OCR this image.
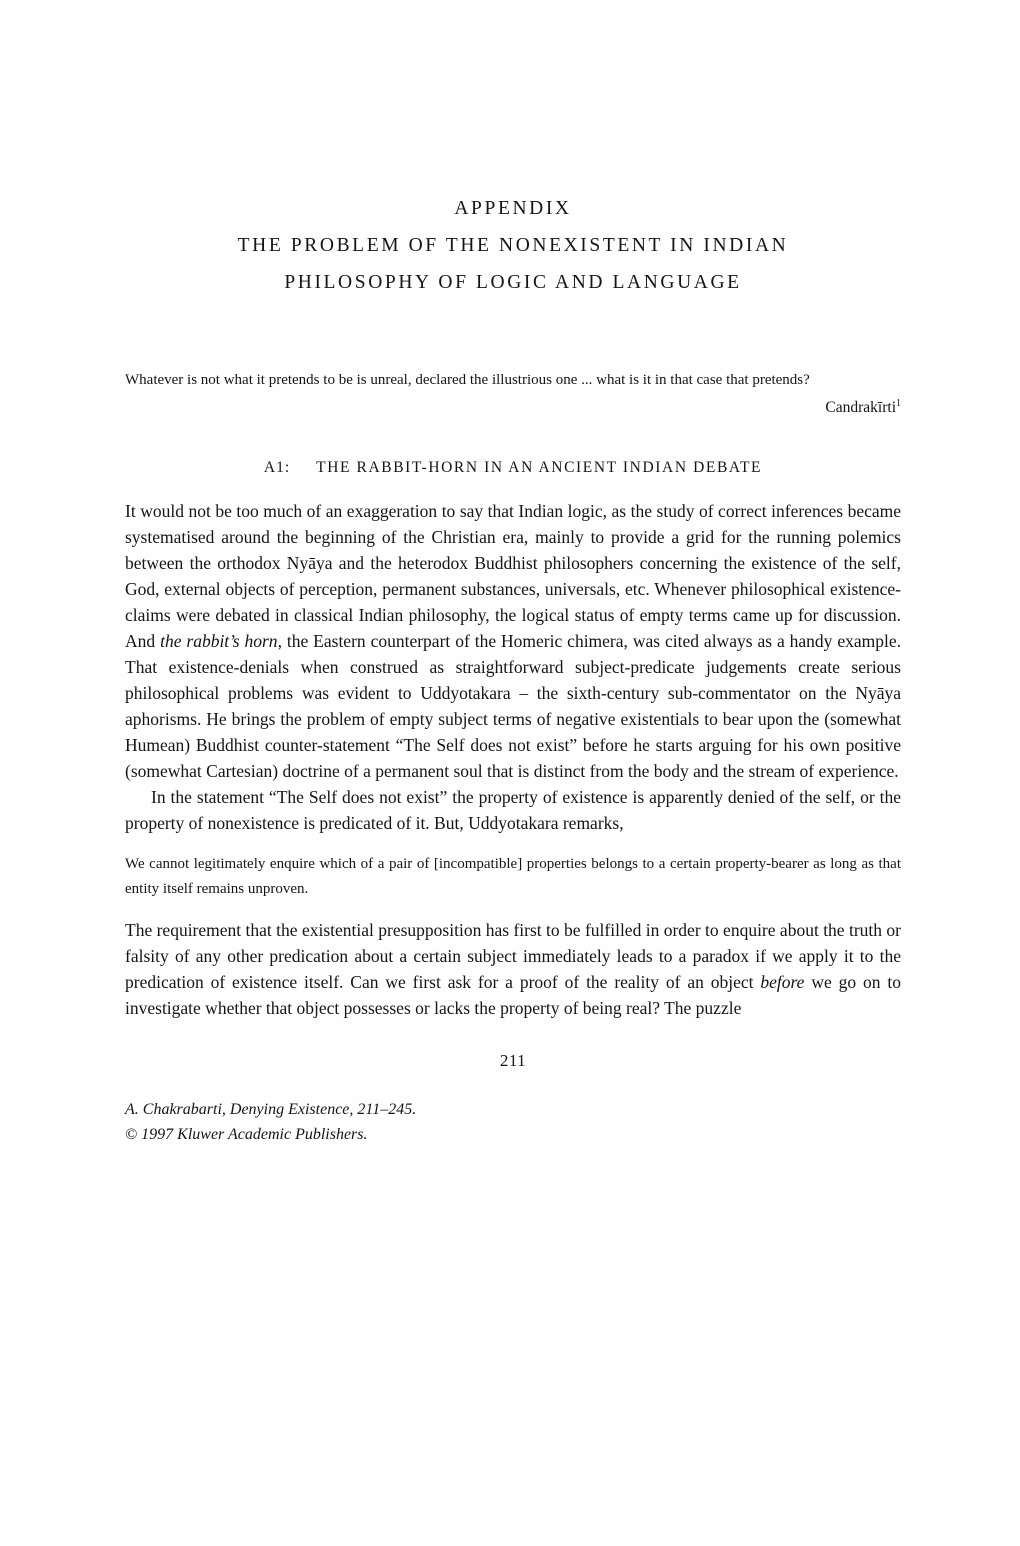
APPENDIX
THE PROBLEM OF THE NONEXISTENT IN INDIAN
PHILOSOPHY OF LOGIC AND LANGUAGE
Whatever is not what it pretends to be is unreal, declared the illustrious one ... what is it in that case that pretends?
Candrakīrti$^1$
A1: THE RABBIT-HORN IN AN ANCIENT INDIAN DEBATE

It would not be too much of an exaggeration to say that Indian logic, as the study of correct inferences became systematised around the beginning of the Christian era, mainly to provide a grid for the running polemics between the orthodox Nyāya and the heterodox Buddhist philosophers concerning the existence of the self, God, external objects of perception, permanent substances, universals, etc. Whenever philosophical existence-claims were debated in classical Indian philosophy, the logical status of empty terms came up for discussion. And the rabbit’s horn, the Eastern counterpart of the Homeric chimera, was cited always as a handy example. That existence-denials when construed as straightforward subject-predicate judgements create serious philosophical problems was evident to Uddyotakara – the sixth-century sub-commentator on the Nyāya aphorisms. He brings the problem of empty subject terms of negative existentials to bear upon the (somewhat Humean) Buddhist counter-statement “The Self does not exist” before he starts arguing for his own positive (somewhat Cartesian) doctrine of a permanent soul that is distinct from the body and the stream of experience.

In the statement “The Self does not exist” the property of existence is apparently denied of the self, or the property of nonexistence is predicated of it. But, Uddyotakara remarks,

We cannot legitimately enquire which of a pair of [incompatible] properties belongs to a certain property-bearer as long as that entity itself remains unproven.

The requirement that the existential presupposition has first to be fulfilled in order to enquire about the truth or falsity of any other predication about a certain subject immediately leads to a paradox if we apply it to the predication of existence itself. Can we first ask for a proof of the reality of an object before we go on to investigate whether that object possesses or lacks the property of being real? The puzzle

211
A. Chakrabarti, Denying Existence, 211–245.
© 1997 Kluwer Academic Publishers.
